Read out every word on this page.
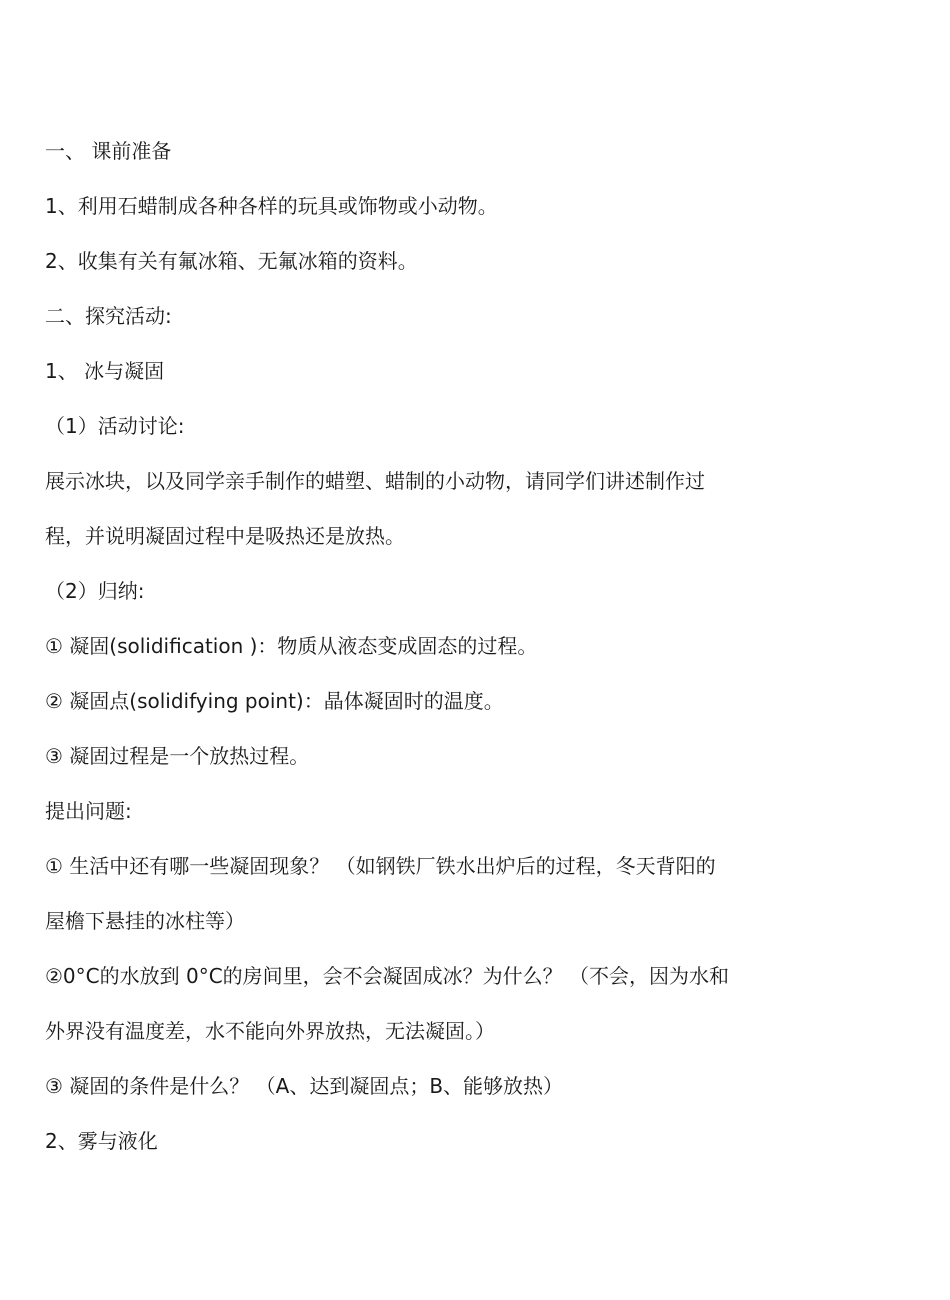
一、 课前准备
1、利用石蜡制成各种各样的玩具或饰物或小动物。
2、收集有关有氟冰箱、无氟冰箱的资料。
二、探究活动:
1、 冰与凝固
（1）活动讨论:
展示冰块，以及同学亲手制作的蜡塑、蜡制的小动物，请同学们讲述制作过
程，并说明凝固过程中是吸热还是放热。
（2）归纳:
① 凝固(solidification )：物质从液态变成固态的过程。
② 凝固点(solidifying point)：晶体凝固时的温度。
③ 凝固过程是一个放热过程。
提出问题:
① 生活中还有哪一些凝固现象？ （如钢铁厂铁水出炉后的过程，冬天背阳的
屋檐下悬挂的冰柱等）
②0°C的水放到 0°C的房间里，会不会凝固成冰？为什么？ （不会，因为水和
外界没有温度差，水不能向外界放热，无法凝固。）
③ 凝固的条件是什么？ （A、达到凝固点；B、能够放热）
2、雾与液化
